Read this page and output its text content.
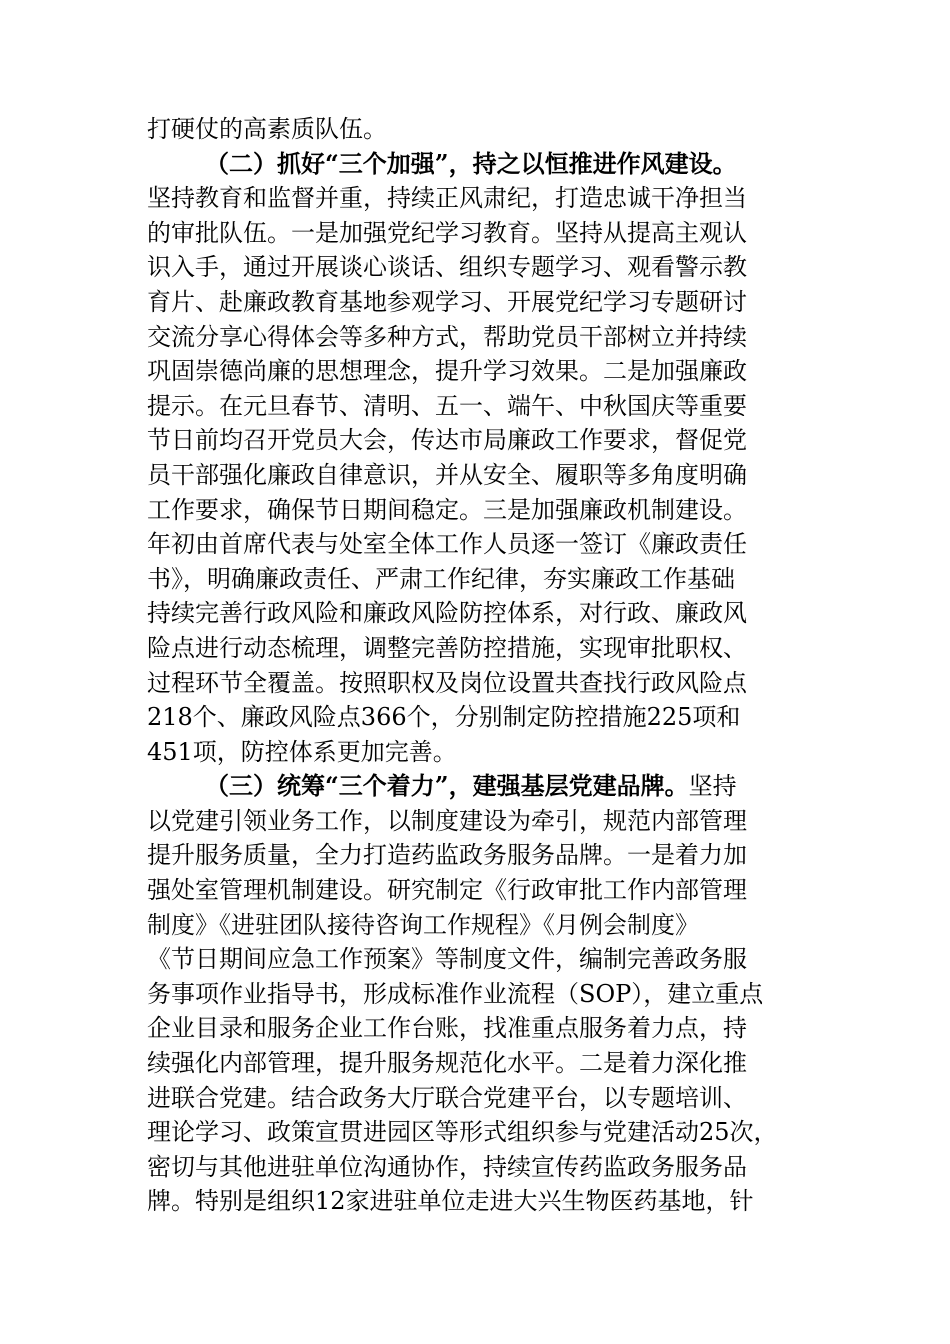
打硬仗的高素质队伍。
（二）抓好“三个加强”，持之以恒推进作风建设。
坚持教育和监督并重，持续正风肃纪，打造忠诚干净担当
的审批队伍。一是加强党纪学习教育。坚持从提高主观认
识入手，通过开展谈心谈话、组织专题学习、观看警示教
育片、赴廉政教育基地参观学习、开展党纪学习专题研讨
交流分享心得体会等多种方式，帮助党员干部树立并持续
巩固崇德尚廉的思想理念，提升学习效果。二是加强廉政
提示。在元旦春节、清明、五一、端午、中秋国庆等重要
节日前均召开党员大会，传达市局廉政工作要求，督促党
员干部强化廉政自律意识，并从安全、履职等多角度明确
工作要求，确保节日期间稳定。三是加强廉政机制建设。
年初由首席代表与处室全体工作人员逐一签订《廉政责任
书》，明确廉政责任、严肃工作纪律，夯实廉政工作基础
持续完善行政风险和廉政风险防控体系，对行政、廉政风
险点进行动态梳理，调整完善防控措施，实现审批职权、
过程环节全覆盖。按照职权及岗位设置共查找行政风险点
218个、廉政风险点366个，分别制定防控措施225项和
451项，防控体系更加完善。
（三）统筹“三个着力”，建强基层党建品牌。坚持
以党建引领业务工作，以制度建设为牵引，规范内部管理
提升服务质量，全力打造药监政务服务品牌。一是着力加
强处室管理机制建设。研究制定《行政审批工作内部管理
制度》《进驻团队接待咨询工作规程》《月例会制度》
《节日期间应急工作预案》等制度文件，编制完善政务服
务事项作业指导书，形成标准作业流程（SOP），建立重点
企业目录和服务企业工作台账，找准重点服务着力点，持
续强化内部管理，提升服务规范化水平。二是着力深化推
进联合党建。结合政务大厅联合党建平台，以专题培训、
理论学习、政策宣贯进园区等形式组织参与党建活动25次，
密切与其他进驻单位沟通协作，持续宣传药监政务服务品
牌。特别是组织12家进驻单位走进大兴生物医药基地，针
